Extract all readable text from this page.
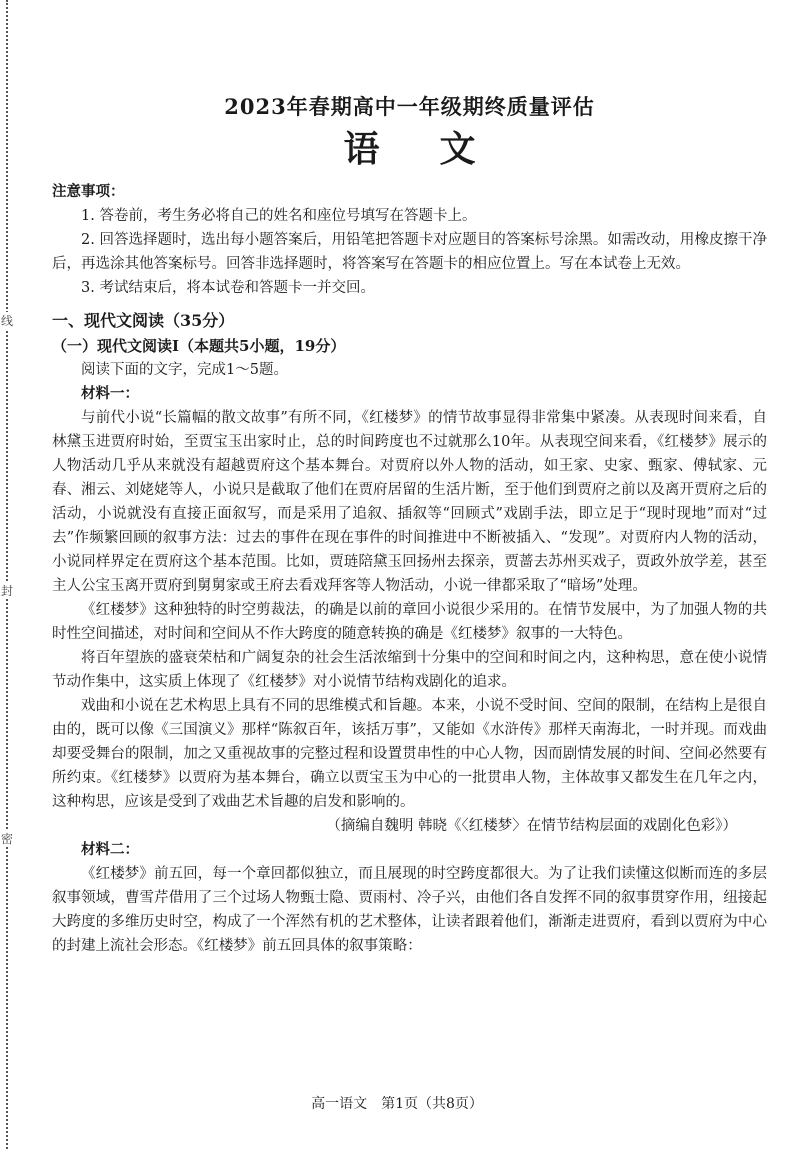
线
封
密
2023年春期高中一年级期终质量评估
语文
注意事项：

1. 答卷前，考生务必将自己的姓名和座位号填写在答题卡上。

2. 回答选择题时，选出每小题答案后，用铅笔把答题卡对应题目的答案标号涂黑。如需改动，用橡皮擦干净后，再选涂其他答案标号。回答非选择题时，将答案写在答题卡的相应位置上。写在本试卷上无效。

3. 考试结束后，将本试卷和答题卡一并交回。

一、现代文阅读（35分）
（一）现代文阅读Ⅰ（本题共5小题，19分）

阅读下面的文字，完成1～5题。

材料一：

与前代小说“长篇幅的散文故事”有所不同，《红楼梦》的情节故事显得非常集中紧凑。从表现时间来看，自林黛玉进贾府时始，至贾宝玉出家时止，总的时间跨度也不过就那么10年。从表现空间来看，《红楼梦》展示的人物活动几乎从来就没有超越贾府这个基本舞台。对贾府以外人物的活动，如王家、史家、甄家、傅轼家、元春、湘云、刘姥姥等人，小说只是截取了他们在贾府居留的生活片断，至于他们到贾府之前以及离开贾府之后的活动，小说就没有直接正面叙写，而是采用了追叙、插叙等“回顾式”戏剧手法，即立足于“现时现地”而对“过去”作频繁回顾的叙事方法：过去的事件在现在事件的时间推进中不断被插入、“发现”。对贾府内人物的活动，小说同样界定在贾府这个基本范围。比如，贾琏陪黛玉回扬州去探亲，贾蔷去苏州买戏子，贾政外放学差，甚至主人公宝玉离开贾府到舅舅家或王府去看戏拜客等人物活动，小说一律都采取了“暗场”处理。

《红楼梦》这种独特的时空剪裁法，的确是以前的章回小说很少采用的。在情节发展中，为了加强人物的共时性空间描述，对时间和空间从不作大跨度的随意转换的确是《红楼梦》叙事的一大特色。

将百年望族的盛衰荣枯和广阔复杂的社会生活浓缩到十分集中的空间和时间之内，这种构思，意在使小说情节动作集中，这实质上体现了《红楼梦》对小说情节结构戏剧化的追求。

戏曲和小说在艺术构思上具有不同的思维模式和旨趣。本来，小说不受时间、空间的限制，在结构上是很自由的，既可以像《三国演义》那样“陈叙百年，该括万事”，又能如《水浒传》那样天南海北，一时并现。而戏曲却要受舞台的限制，加之又重视故事的完整过程和设置贯串性的中心人物，因而剧情发展的时间、空间必然要有所约束。《红楼梦》以贾府为基本舞台，确立以贾宝玉为中心的一批贯串人物，主体故事又都发生在几年之内，这种构思，应该是受到了戏曲艺术旨趣的启发和影响的。

（摘编自魏明 韩晓《〈红楼梦〉在情节结构层面的戏剧化色彩》）

材料二：

《红楼梦》前五回，每一个章回都似独立，而且展现的时空跨度都很大。为了让我们读懂这似断而连的多层叙事领域，曹雪芹借用了三个过场人物甄士隐、贾雨村、冷子兴，由他们各自发挥不同的叙事贯穿作用，纽接起大跨度的多维历史时空，构成了一个浑然有机的艺术整体，让读者跟着他们，渐渐走进贾府，看到以贾府为中心的封建上流社会形态。《红楼梦》前五回具体的叙事策略：

高一语文　第1页（共8页）
